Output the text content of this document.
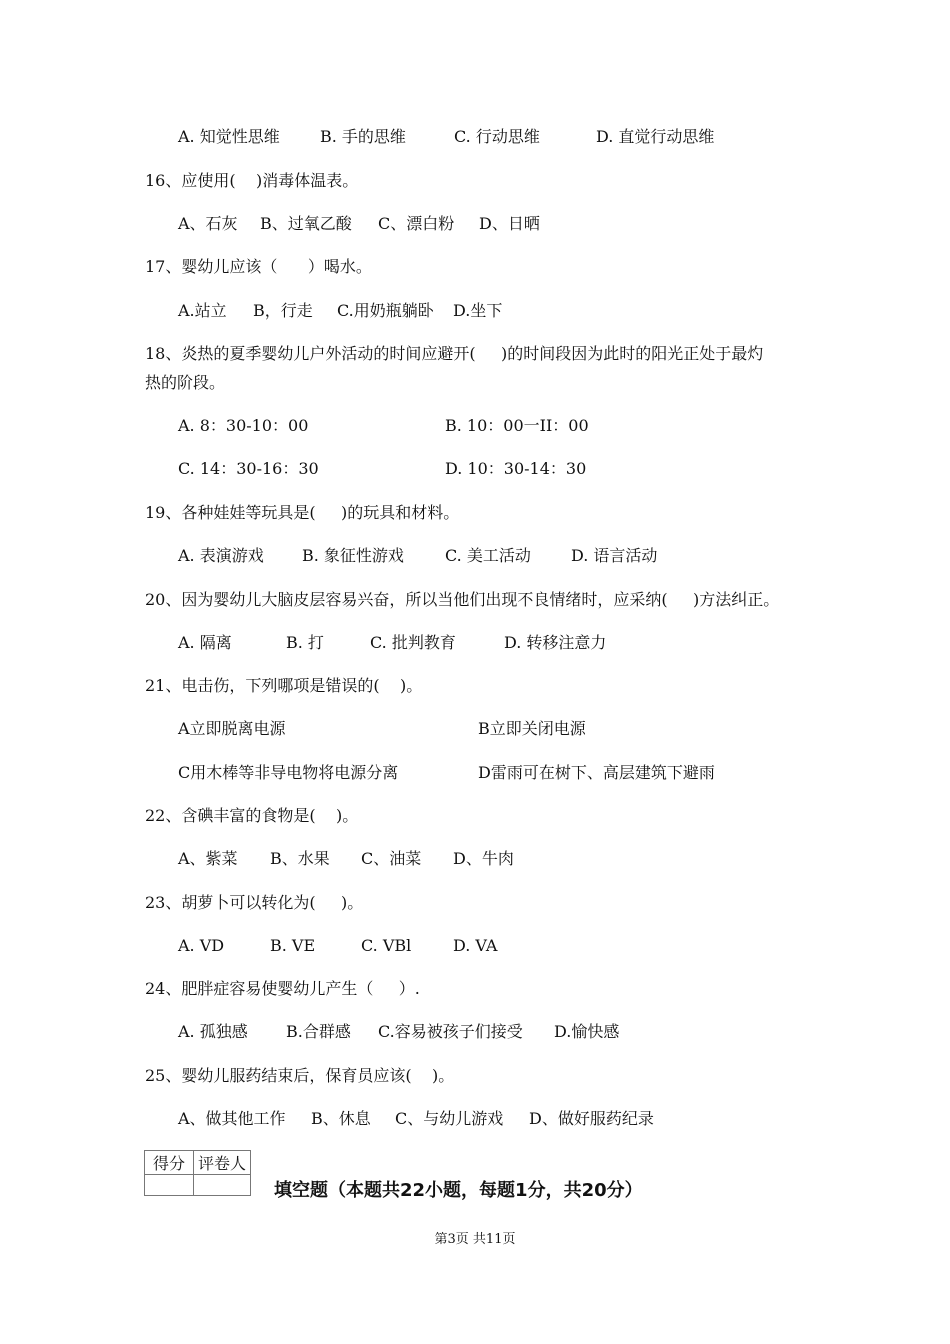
A. 知觉性思维	B. 手的思维	C. 行动思维	D. 直觉行动思维
16、应使用(    )消毒体温表。
A、石灰 B、过氧乙酸 C、漂白粉 D、日晒
17、婴幼儿应该（      ）喝水。
A.站立 B，行走 C.用奶瓶躺卧 D.坐下
18、炎热的夏季婴幼儿户外活动的时间应避开(     )的时间段因为此时的阳光正处于最灼
热的阶段。
A. 8：30-10：00	B. 10：00一II：00
C. 14：30-16：30	D. 10：30-14：30
19、各种娃娃等玩具是(     )的玩具和材料。
A. 表演游戏 B. 象征性游戏	C. 美工活动	D. 语言活动
20、因为婴幼儿大脑皮层容易兴奋，所以当他们出现不良情绪时，应采纳(     )方法纠正。
A. 隔离	B. 打	C. 批判教育	D. 转移注意力
21、电击伤，下列哪项是错误的(    )。
A立即脱离电源	B立即关闭电源
C用木棒等非导电物将电源分离	D雷雨可在树下、高层建筑下避雨
22、含碘丰富的食物是(    )。
A、紫菜 B、水果 C、油菜 D、牛肉
23、胡萝卜可以转化为(     )。
A. VD	B. VE	C. VBl	D. VA
24、肥胖症容易使婴幼儿产生（     ）.
A. 孤独感 B.合群感 C.容易被孩子们接受 D.愉快感
25、婴幼儿服药结束后，保育员应该(    )。
A、做其他工作 B、休息 C、与幼儿游戏 D、做好服药纪录
得分	评卷人

填空题（本题共22小题，每题1分，共20分）
第3页 共11页
